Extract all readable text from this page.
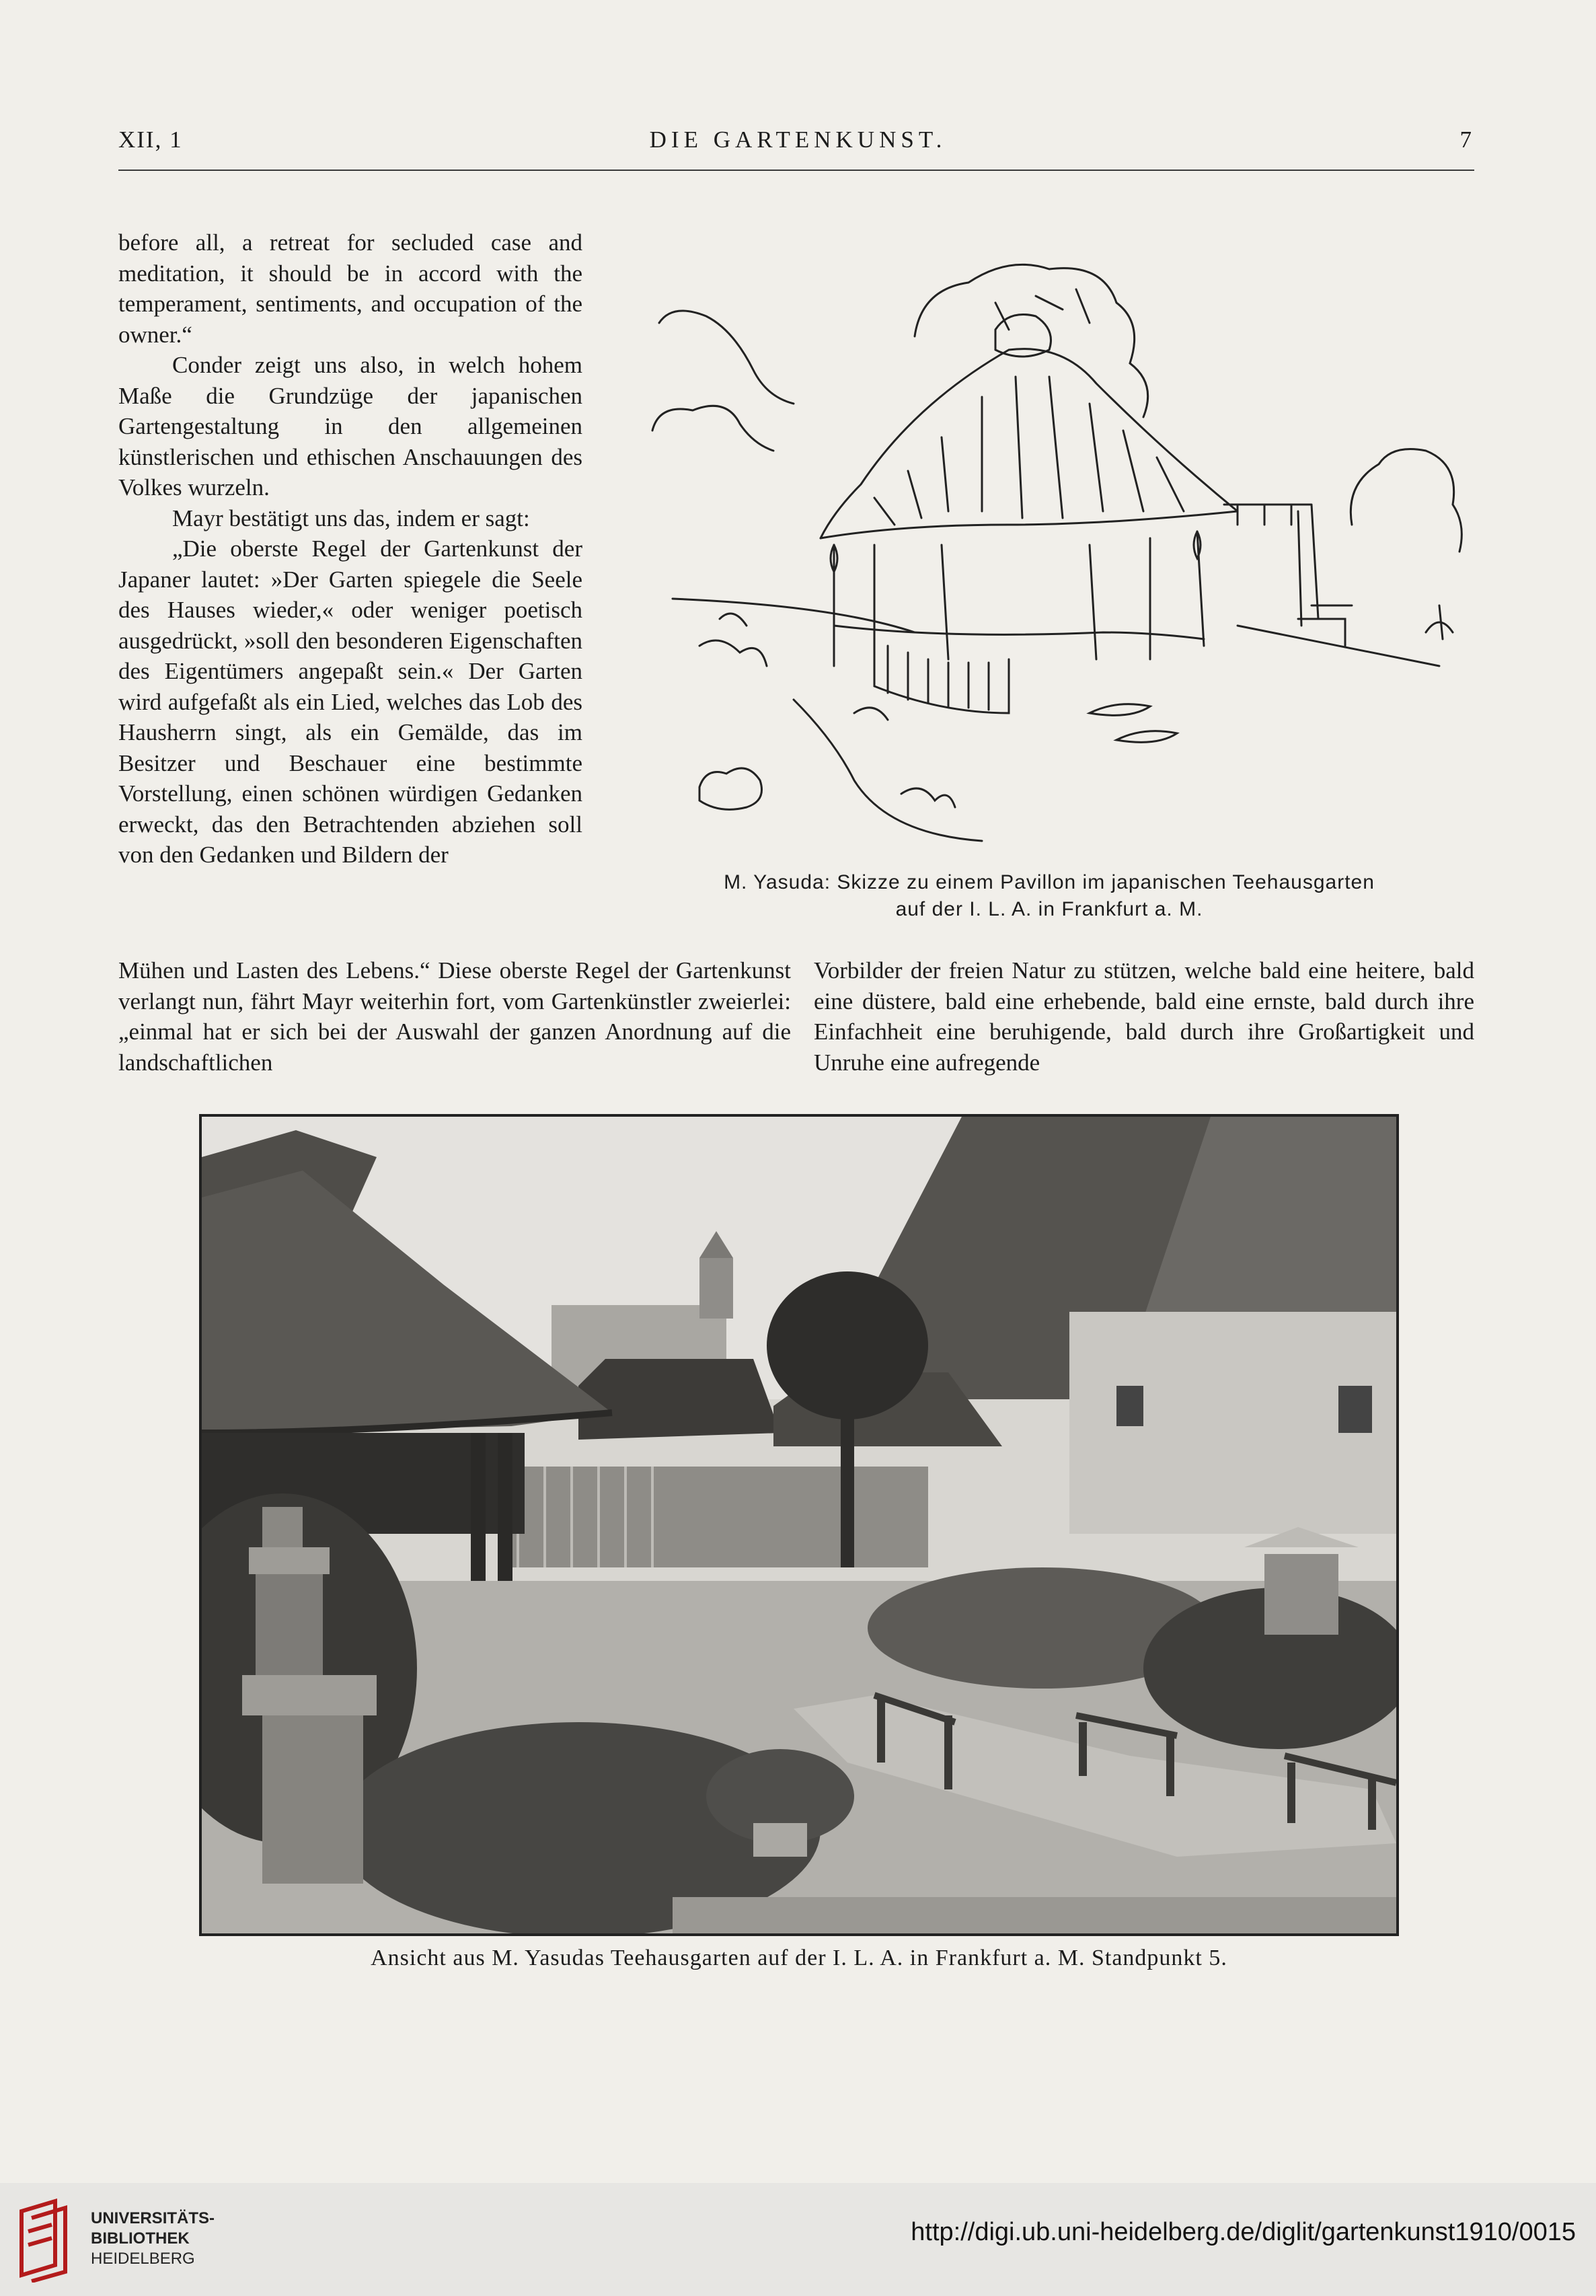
XII, 1	DIE GARTENKUNST.	7

before all, a retreat for secluded case and meditation, it should be in accord with the temperament, sentiments, and occupation of the owner.“

Conder zeigt uns also, in welch hohem Maße die Grundzüge der japanischen Gartengestaltung in den allgemeinen künstlerischen und ethischen Anschauungen des Volkes wurzeln.

Mayr bestätigt uns das, indem er sagt:

„Die oberste Regel der Gartenkunst der Japaner lautet: »Der Garten spiegele die Seele des Hauses wieder,« oder weniger poetisch ausgedrückt, »soll den besonderen Eigenschaften des Eigentümers angepaßt sein.« Der Garten wird aufgefaßt als ein Lied, welches das Lob des Hausherrn singt, als ein Gemälde, das im Besitzer und Beschauer eine bestimmte Vorstellung, einen schönen würdigen Gedanken erweckt, das den Betrachtenden abziehen soll von den Gedanken und Bildern der

M. Yasuda: Skizze zu einem Pavillon im japanischen Teehausgarten
auf der I. L. A. in Frankfurt a. M.

Mühen und Lasten des Lebens.“ Diese oberste Regel der Gartenkunst verlangt nun, fährt Mayr weiterhin fort, vom Gartenkünstler zweierlei: „einmal hat er sich bei der Auswahl der ganzen Anordnung auf die landschaftlichen

Vorbilder der freien Natur zu stützen, welche bald eine heitere, bald eine düstere, bald eine erhebende, bald eine ernste, bald durch ihre Einfachheit eine beruhigende, bald durch ihre Großartigkeit und Unruhe eine aufregende

Ansicht aus M. Yasudas Teehausgarten auf der I. L. A. in Frankfurt a. M. Standpunkt 5.
UNIVERSITÄTS-
BIBLIOTHEK
HEIDELBERG
http://digi.ub.uni-heidelberg.de/diglit/gartenkunst1910/0015
